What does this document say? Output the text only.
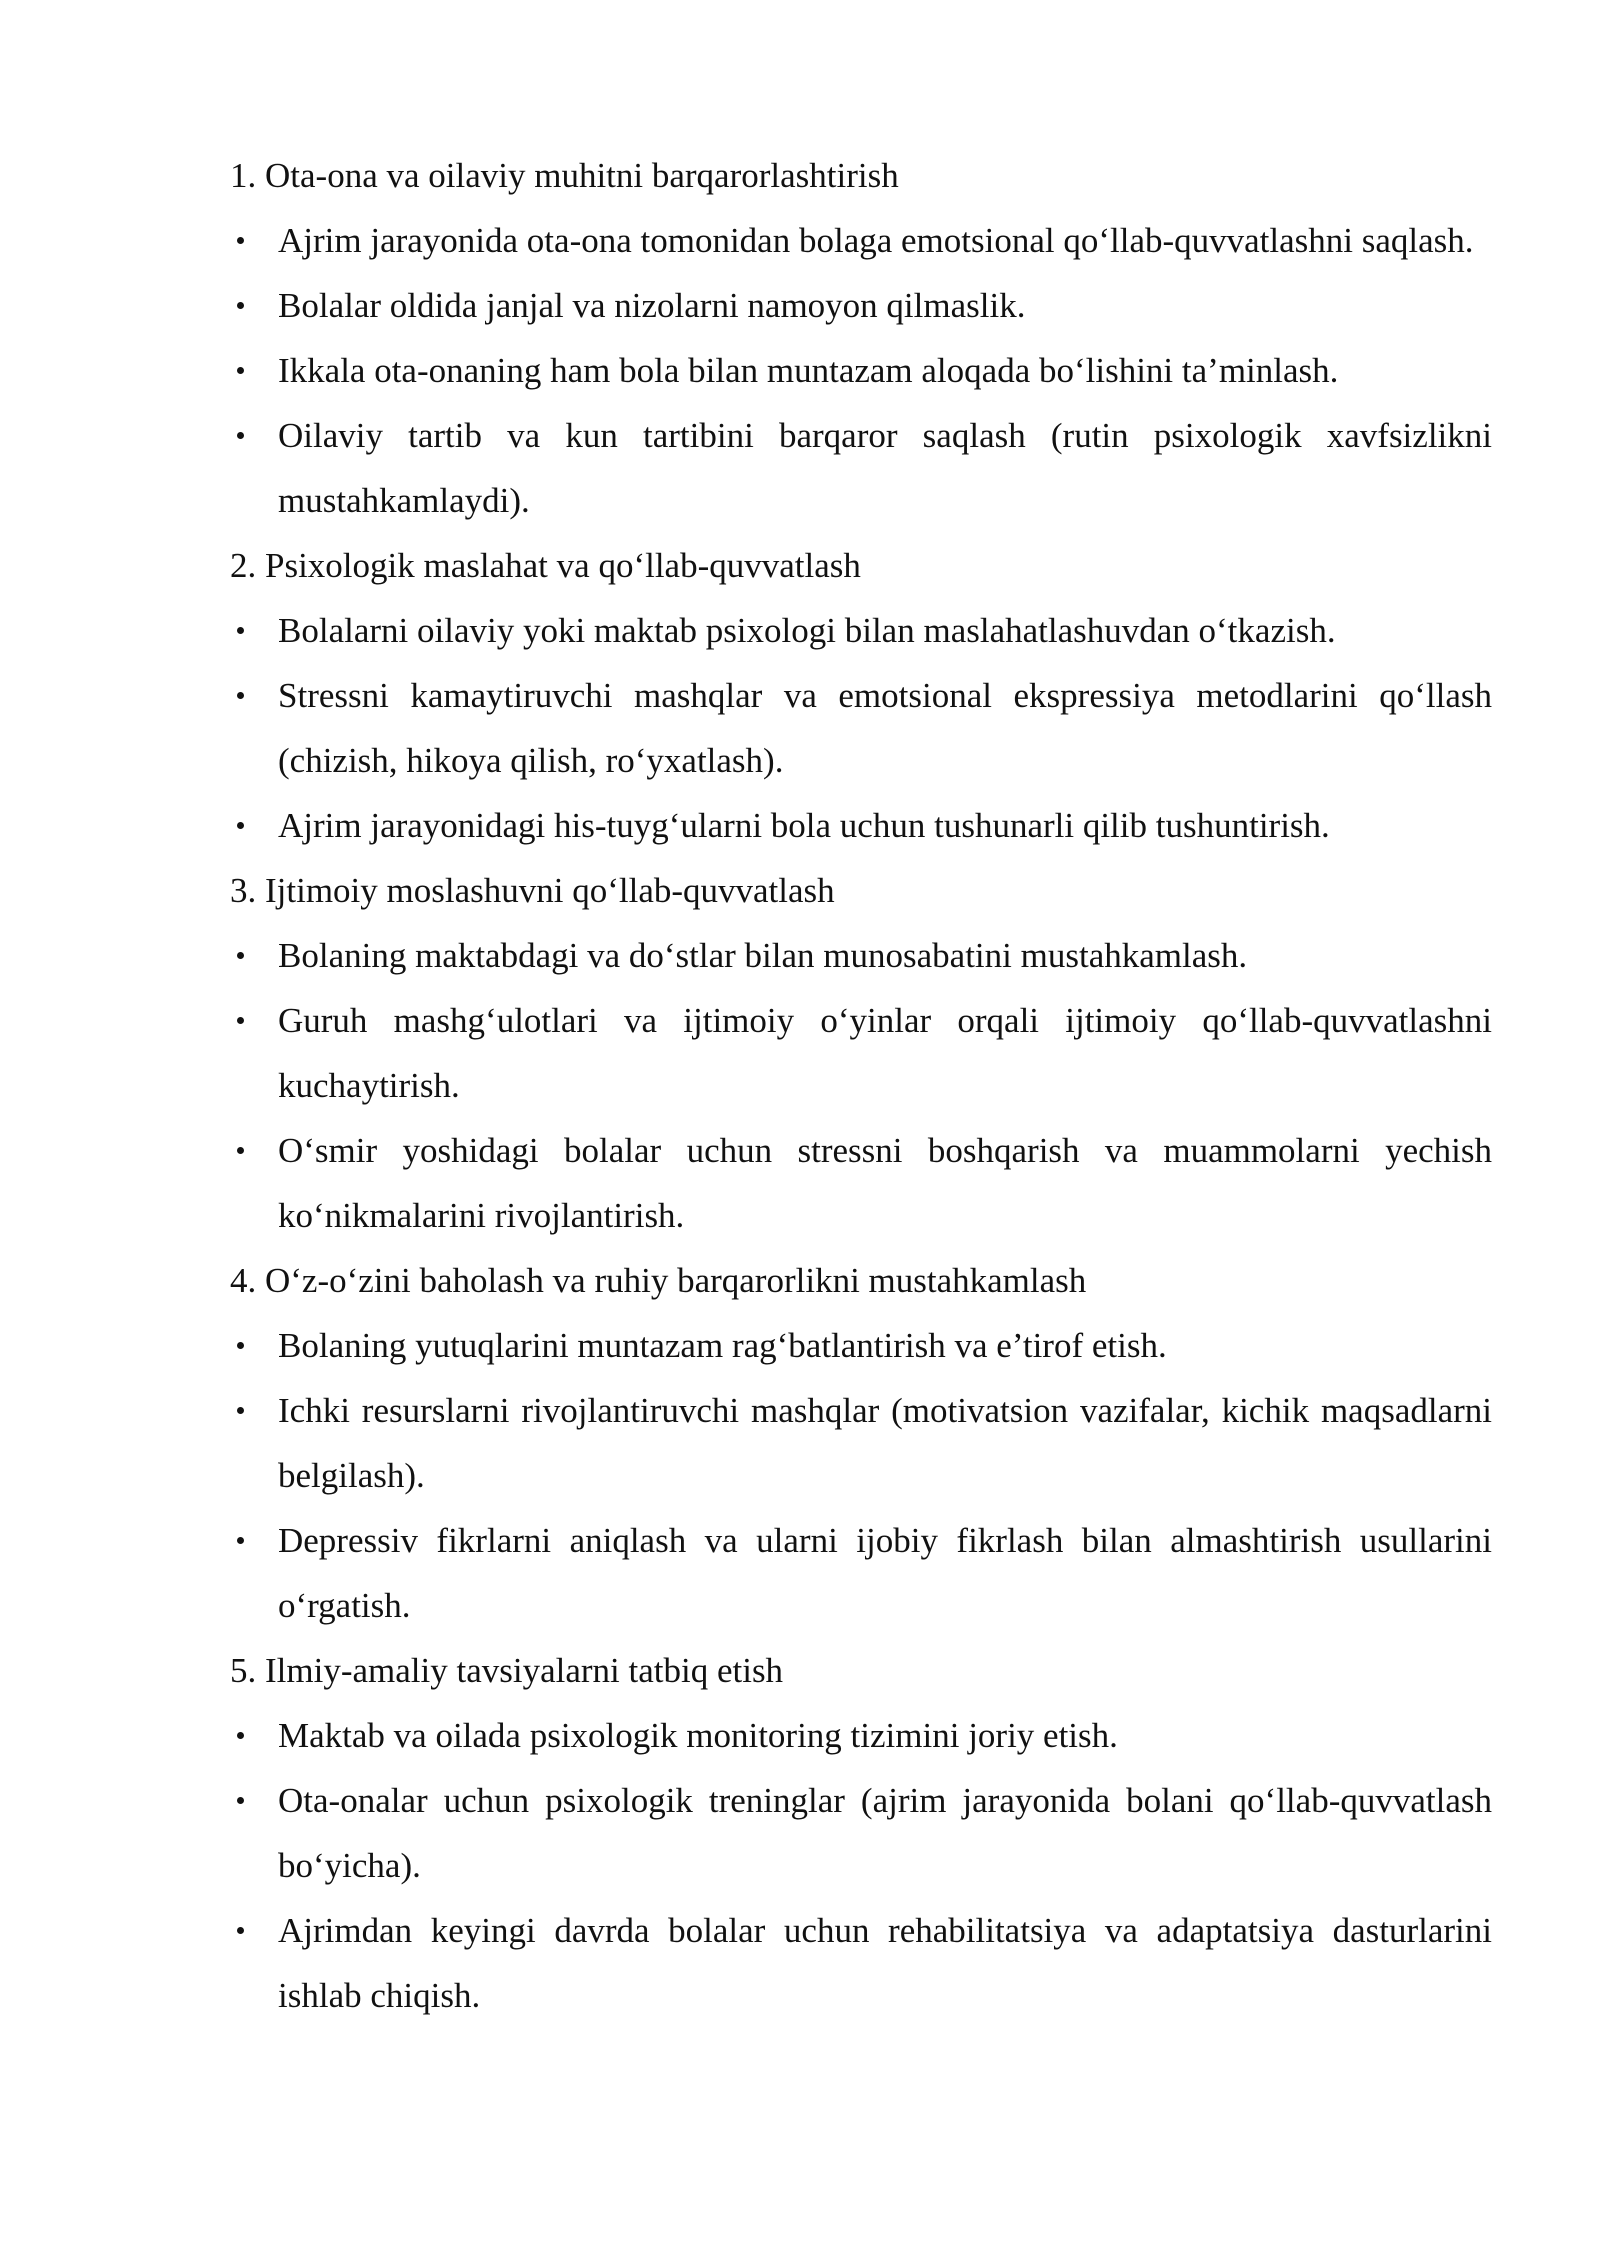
1. Ota-ona va oilaviy muhitni barqarorlashtirish

Ajrim jarayonida ota-ona tomonidan bolaga emotsional qo‘llab-quvvatlashni saqlash.
Bolalar oldida janjal va nizolarni namoyon qilmaslik.
Ikkala ota-onaning ham bola bilan muntazam aloqada bo‘lishini ta’minlash.
Oilaviy tartib va kun tartibini barqaror saqlash (rutin psixologik xavfsizlikni mustahkamlaydi).

2. Psixologik maslahat va qo‘llab-quvvatlash

Bolalarni oilaviy yoki maktab psixologi bilan maslahatlashuvdan o‘tkazish.
Stressni kamaytiruvchi mashqlar va emotsional ekspressiya metodlarini qo‘llash (chizish, hikoya qilish, ro‘yxatlash).
Ajrim jarayonidagi his-tuyg‘ularni bola uchun tushunarli qilib tushuntirish.

3. Ijtimoiy moslashuvni qo‘llab-quvvatlash

Bolaning maktabdagi va do‘stlar bilan munosabatini mustahkamlash.
Guruh mashg‘ulotlari va ijtimoiy o‘yinlar orqali ijtimoiy qo‘llab-quvvatlashni kuchaytirish.
O‘smir yoshidagi bolalar uchun stressni boshqarish va muammolarni yechish ko‘nikmalarini rivojlantirish.

4. O‘z-o‘zini baholash va ruhiy barqarorlikni mustahkamlash

Bolaning yutuqlarini muntazam rag‘batlantirish va e’tirof etish.
Ichki resurslarni rivojlantiruvchi mashqlar (motivatsion vazifalar, kichik maqsadlarni belgilash).
Depressiv fikrlarni aniqlash va ularni ijobiy fikrlash bilan almashtirish usullarini o‘rgatish.

5. Ilmiy-amaliy tavsiyalarni tatbiq etish

Maktab va oilada psixologik monitoring tizimini joriy etish.
Ota-onalar uchun psixologik treninglar (ajrim jarayonida bolani qo‘llab-quvvatlash bo‘yicha).
Ajrimdan keyingi davrda bolalar uchun rehabilitatsiya va adaptatsiya dasturlarini ishlab chiqish.
